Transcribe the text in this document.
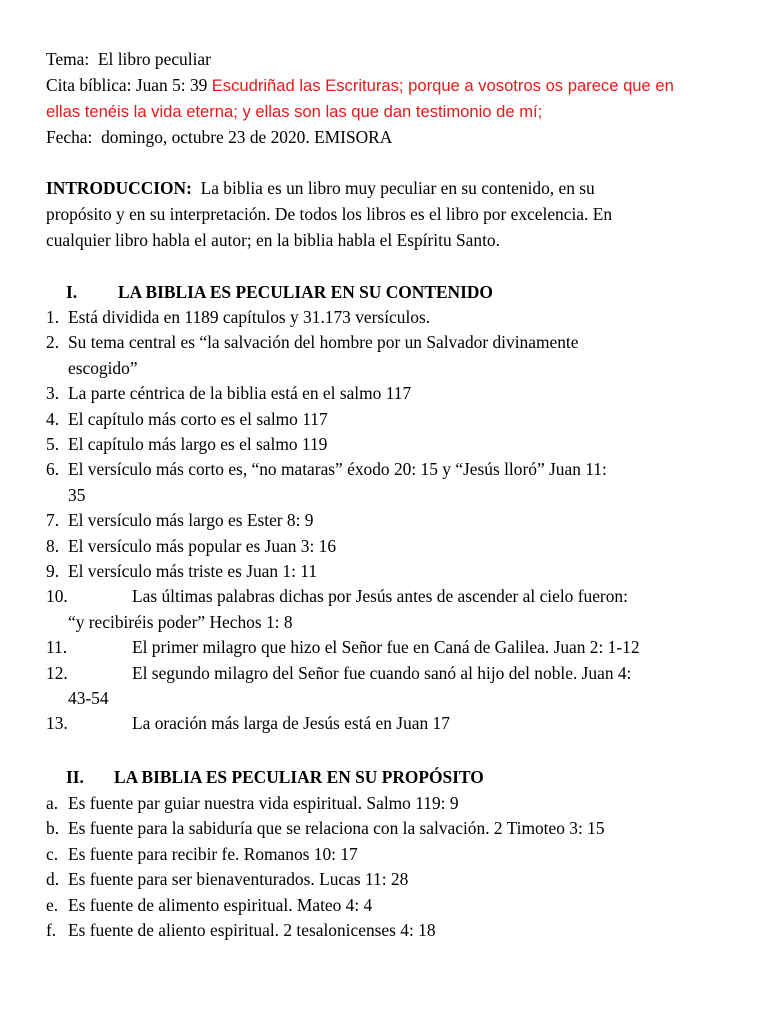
Tema: El libro peculiar
Cita bíblica: Juan 5: 39 Escudriñad las Escrituras; porque a vosotros os parece que en
ellas tenéis la vida eterna; y ellas son las que dan testimonio de mí;
Fecha: domingo, octubre 23 de 2020. EMISORA
INTRODUCCION: La biblia es un libro muy peculiar en su contenido, en su
propósito y en su interpretación. De todos los libros es el libro por excelencia. En
cualquier libro habla el autor; en la biblia habla el Espíritu Santo.
I. LA BIBLIA ES PECULIAR EN SU CONTENIDO
1. Está dividida en 1189 capítulos y 31.173 versículos.
2. Su tema central es “la salvación del hombre por un Salvador divinamente
escogido”
3. La parte céntrica de la biblia está en el salmo 117
4. El capítulo más corto es el salmo 117
5. El capítulo más largo es el salmo 119
6. El versículo más corto es, “no mataras” éxodo 20: 15 y “Jesús lloró” Juan 11:
35
7. El versículo más largo es Ester 8: 9
8. El versículo más popular es Juan 3: 16
9. El versículo más triste es Juan 1: 11
10.	Las últimas palabras dichas por Jesús antes de ascender al cielo fueron:
“y recibiréis poder” Hechos 1: 8
11.	El primer milagro que hizo el Señor fue en Caná de Galilea. Juan 2: 1-12
12.	El segundo milagro del Señor fue cuando sanó al hijo del noble. Juan 4:
43-54
13.	La oración más larga de Jesús está en Juan 17
II. LA BIBLIA ES PECULIAR EN SU PROPÓSITO
a. Es fuente par guiar nuestra vida espiritual. Salmo 119: 9
b. Es fuente para la sabiduría que se relaciona con la salvación. 2 Timoteo 3: 15
c. Es fuente para recibir fe. Romanos 10: 17
d. Es fuente para ser bienaventurados. Lucas 11: 28
e. Es fuente de alimento espiritual. Mateo 4: 4
f. Es fuente de aliento espiritual. 2 tesalonicenses 4: 18
